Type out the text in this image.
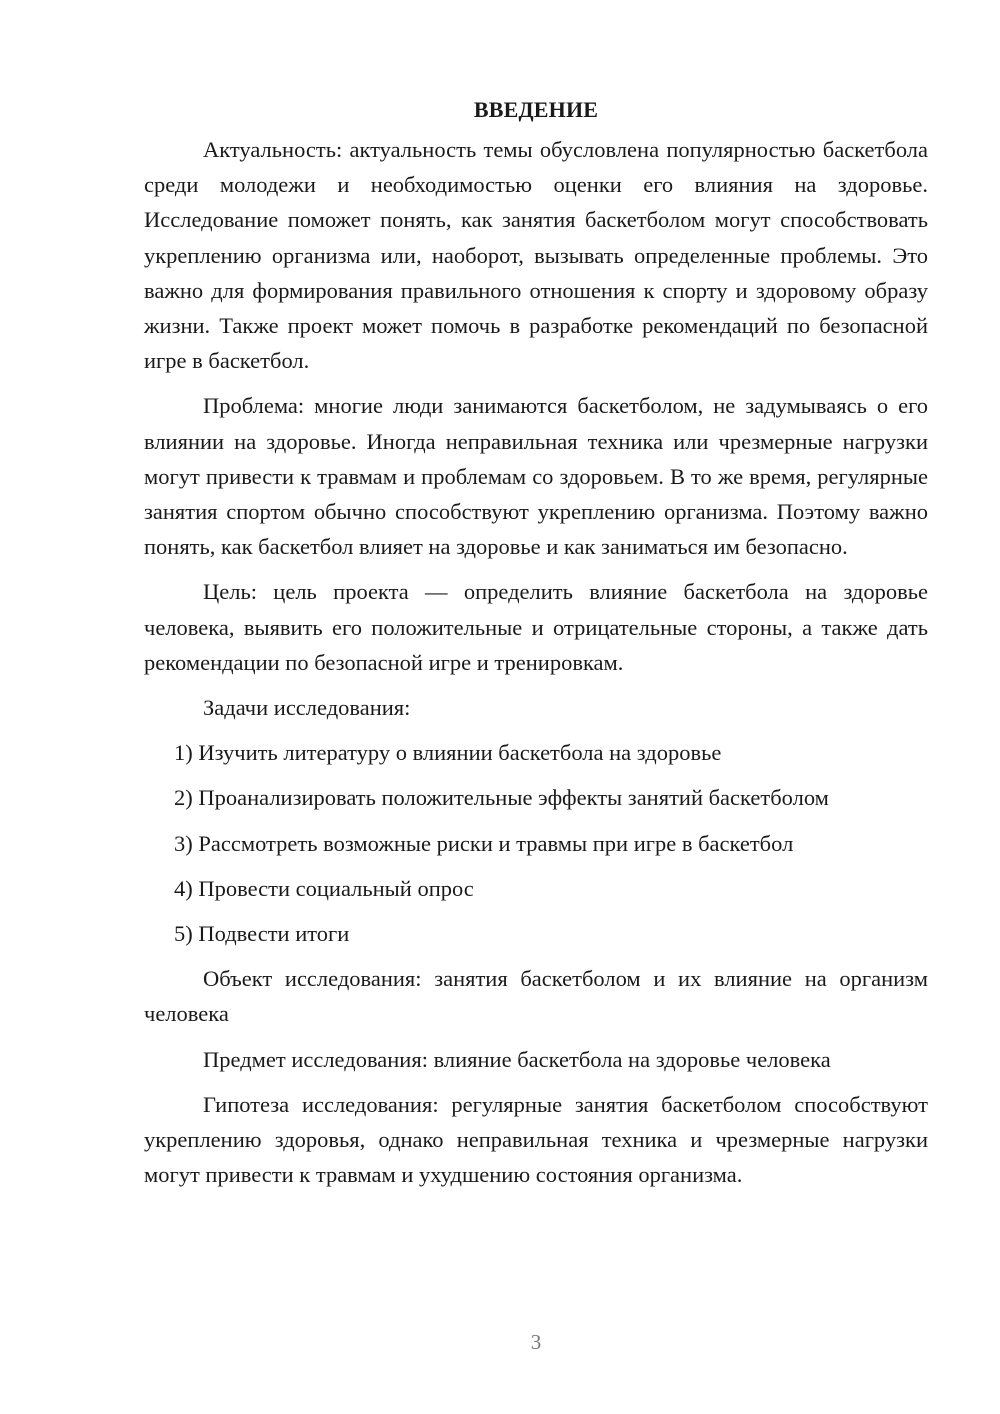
ВВЕДЕНИЕ

Актуальность: актуальность темы обусловлена популярностью баскетбола среди молодежи и необходимостью оценки его влияния на здоровье. Исследование поможет понять, как занятия баскетболом могут способствовать укреплению организма или, наоборот, вызывать определенные проблемы. Это важно для формирования правильного отношения к спорту и здоровому образу жизни. Также проект может помочь в разработке рекомендаций по безопасной игре в баскетбол.

Проблема: многие люди занимаются баскетболом, не задумываясь о его влиянии на здоровье. Иногда неправильная техника или чрезмерные нагрузки могут привести к травмам и проблемам со здоровьем. В то же время, регулярные занятия спортом обычно способствуют укреплению организма. Поэтому важно понять, как баскетбол влияет на здоровье и как заниматься им безопасно.

Цель: цель проекта — определить влияние баскетбола на здоровье человека, выявить его положительные и отрицательные стороны, а также дать рекомендации по безопасной игре и тренировкам.

Задачи исследования:

1) Изучить литературу о влиянии баскетбола на здоровье
2) Проанализировать положительные эффекты занятий баскетболом
3) Рассмотреть возможные риски и травмы при игре в баскетбол
4) Провести социальный опрос
5) Подвести итоги

Объект исследования: занятия баскетболом и их влияние на организм человека

Предмет исследования: влияние баскетбола на здоровье человека

Гипотеза исследования: регулярные занятия баскетболом способствуют укреплению здоровья, однако неправильная техника и чрезмерные нагрузки могут привести к травмам и ухудшению состояния организма.

3
